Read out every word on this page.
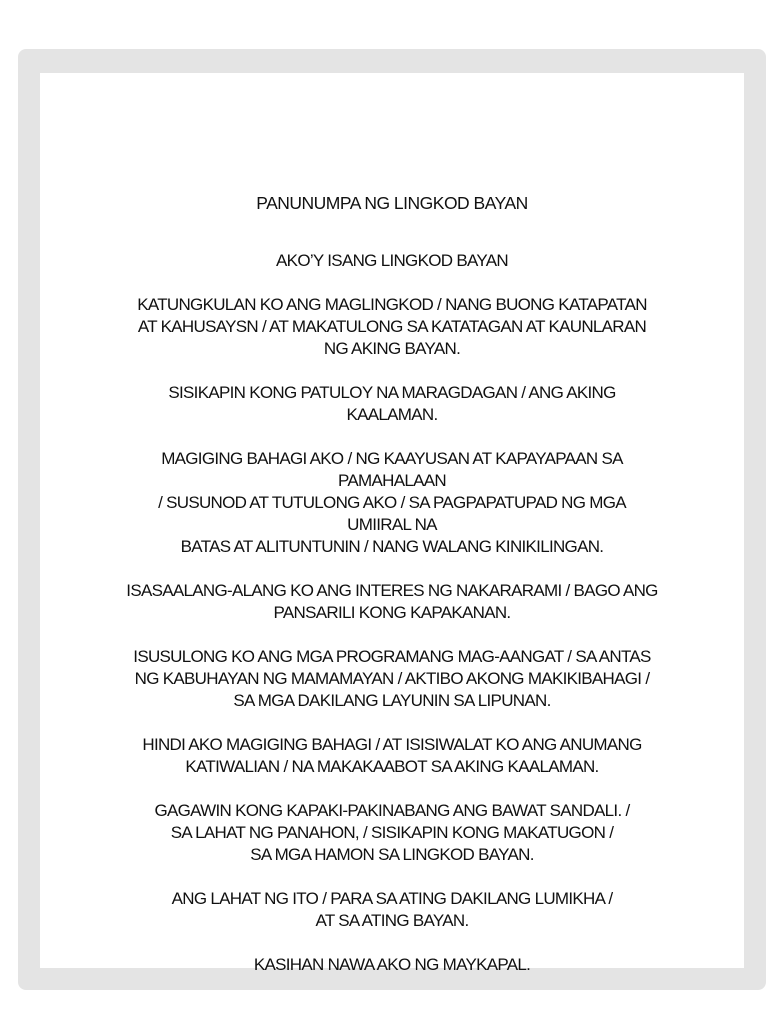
PANUNUMPA NG LINGKOD BAYAN
AKO’Y ISANG LINGKOD BAYAN
KATUNGKULAN KO ANG MAGLINGKOD / NANG BUONG KATAPATAN
AT KAHUSAYSN / AT MAKATULONG SA KATATAGAN AT KAUNLARAN
NG AKING BAYAN.
SISIKAPIN KONG PATULOY NA MARAGDAGAN / ANG AKING
KAALAMAN.
MAGIGING BAHAGI AKO / NG KAAYUSAN AT KAPAYAPAAN SA
PAMAHALAAN
/ SUSUNOD AT TUTULONG AKO / SA PAGPAPATUPAD NG MGA
UMIIRAL NA
BATAS AT ALITUNTUNIN / NANG WALANG KINIKILINGAN.
ISASAALANG-ALANG KO ANG INTERES NG NAKARARAMI / BAGO ANG
PANSARILI KONG KAPAKANAN.
ISUSULONG KO ANG MGA PROGRAMANG MAG-AANGAT / SA ANTAS
NG KABUHAYAN NG MAMAMAYAN / AKTIBO AKONG MAKIKIBAHAGI /
SA MGA DAKILANG LAYUNIN SA LIPUNAN.
HINDI AKO MAGIGING BAHAGI / AT ISISIWALAT KO ANG ANUMANG
KATIWALIAN / NA MAKAKAABOT SA AKING KAALAMAN.
GAGAWIN KONG KAPAKI-PAKINABANG ANG BAWAT SANDALI. /
SA LAHAT NG PANAHON, / SISIKAPIN KONG MAKATUGON /
SA MGA HAMON SA LINGKOD BAYAN.
ANG LAHAT NG ITO / PARA SA ATING DAKILANG LUMIKHA /
AT SA ATING BAYAN.
KASIHAN NAWA AKO NG MAYKAPAL.
